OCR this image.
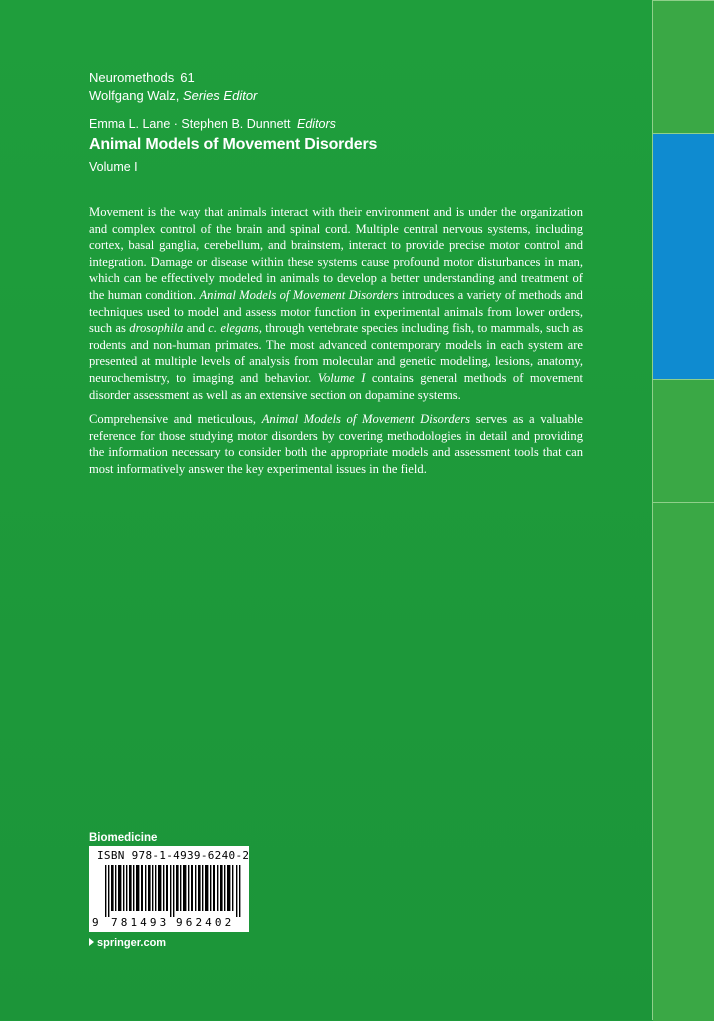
Neuromethods 61
Wolfgang Walz, Series Editor
Emma L. Lane · Stephen B. Dunnett Editors
Animal Models of Movement Disorders
Volume I

Movement is the way that animals interact with their environment and is under the organization and complex control of the brain and spinal cord. Multiple central nervous systems, including cortex, basal ganglia, cerebellum, and brainstem, interact to provide precise motor control and integration. Damage or disease within these systems cause profound motor disturbances in man, which can be effectively modeled in animals to develop a better understanding and treatment of the human condition. Animal Models of Movement Disorders introduces a variety of methods and techniques used to model and assess motor function in experimental animals from lower orders, such as drosophila and c. elegans, through vertebrate species including fish, to mammals, such as rodents and non-human primates. The most advanced contemporary models in each system are presented at multiple levels of analysis from molecular and genetic modeling, lesions, anatomy, neurochemistry, to imaging and behavior. Volume I contains general methods of movement disorder assessment as well as an extensive section on dopamine systems.

Comprehensive and meticulous, Animal Models of Movement Disorders serves as a valuable reference for those studying motor disorders by covering methodologies in detail and providing the information necessary to consider both the appropriate models and assessment tools that can most informatively answer the key experimental issues in the field.

Biomedicine
ISBN 978-1-4939-6240-2
9 781493 962402
springer.com
